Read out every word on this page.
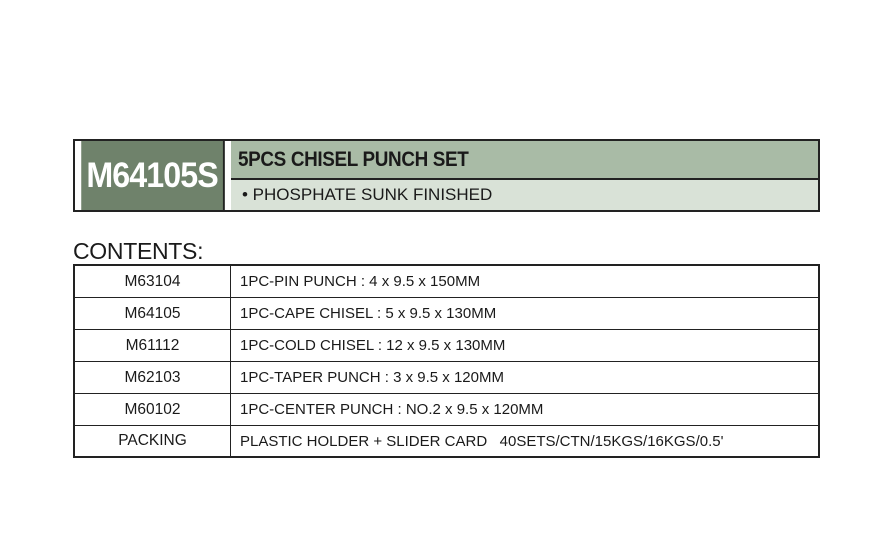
M64105S 5PCS CHISEL PUNCH SET
• PHOSPHATE SUNK FINISHED
CONTENTS:
M63104	1PC-PIN PUNCH : 4 x 9.5 x 150MM
M64105	1PC-CAPE CHISEL : 5 x 9.5 x 130MM
M61112	1PC-COLD CHISEL : 12 x 9.5 x 130MM
M62103	1PC-TAPER PUNCH : 3 x 9.5 x 120MM
M60102	1PC-CENTER PUNCH : NO.2 x 9.5 x 120MM
PACKING	PLASTIC HOLDER + SLIDER CARD   40SETS/CTN/15KGS/16KGS/0.5'
